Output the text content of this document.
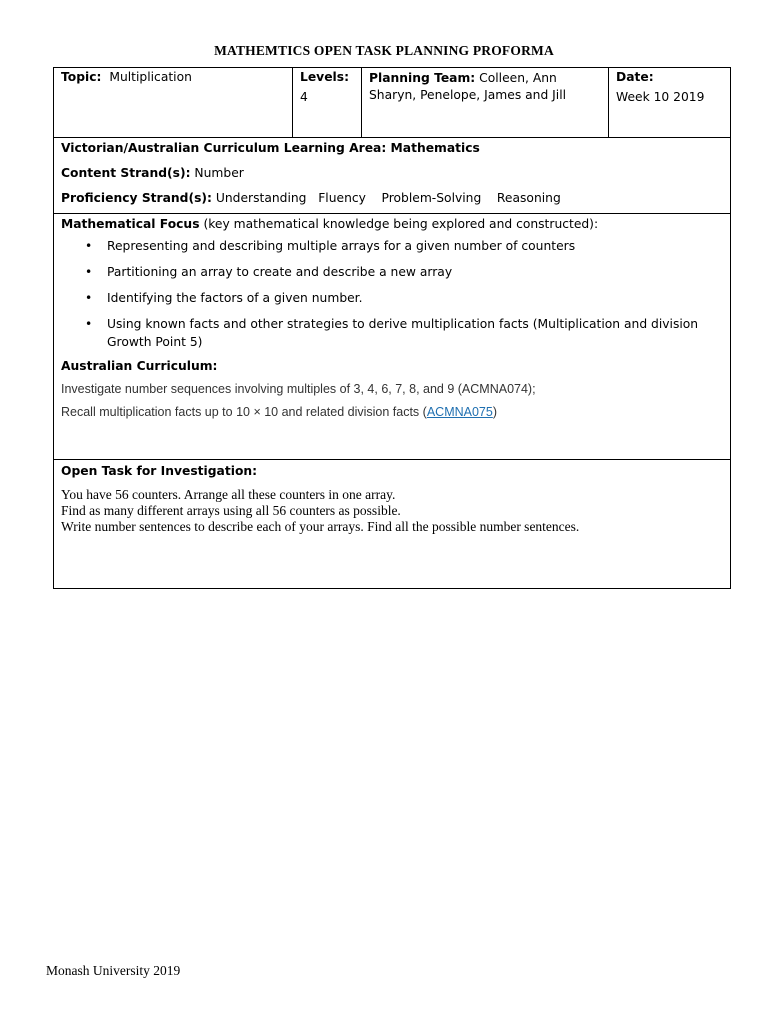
MATHEMTICS OPEN TASK PLANNING PROFORMA
Topic: Multiplication	Levels:
4
Planning Team: Colleen, Ann
Sharyn, Penelope, James and Jill
Date:
Week 10 2019
Victorian/Australian Curriculum Learning Area: Mathematics
Content Strand(s): Number
Proficiency Strand(s): Understanding   Fluency    Problem-Solving    Reasoning
Mathematical Focus (key mathematical knowledge being explored and constructed):
• Representing and describing multiple arrays for a given number of counters
• Partitioning an array to create and describe a new array
• Identifying the factors of a given number.
• Using known facts and other strategies to derive multiplication facts (Multiplication and division Growth Point 5)
Australian Curriculum:
Investigate number sequences involving multiples of 3, 4, 6, 7, 8, and 9 (ACMNA074);
Recall multiplication facts up to 10 × 10 and related division facts (ACMNA075)
Open Task for Investigation:
You have 56 counters. Arrange all these counters in one array.
Find as many different arrays using all 56 counters as possible.
Write number sentences to describe each of your arrays. Find all the possible number sentences.
Monash University 2019
